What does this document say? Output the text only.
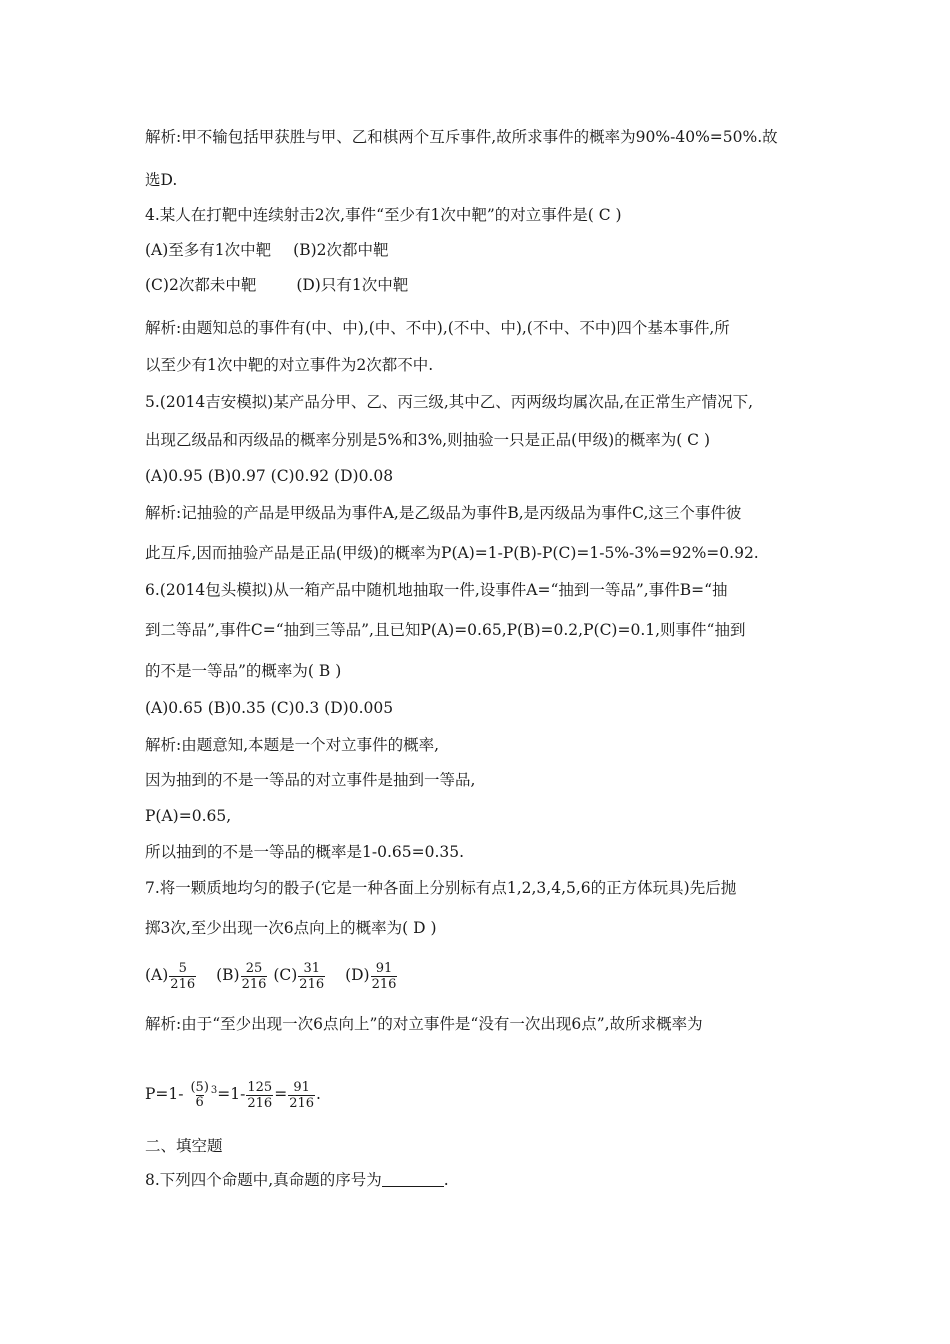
解析:甲不输包括甲获胜与甲、乙和棋两个互斥事件,故所求事件的概率为90%-40%=50%.故
选D.
4.某人在打靶中连续射击2次,事件“至少有1次中靶”的对立事件是( C )
(A)至多有1次中靶 (B)2次都中靶
(C)2次都未中靶	(D)只有1次中靶
解析:由题知总的事件有(中、中),(中、不中),(不中、中),(不中、不中)四个基本事件,所
以至少有1次中靶的对立事件为2次都不中.
5.(2014吉安模拟)某产品分甲、乙、丙三级,其中乙、丙两级均属次品,在正常生产情况下,
出现乙级品和丙级品的概率分别是5%和3%,则抽验一只是正品(甲级)的概率为( C )
(A)0.95 (B)0.97 (C)0.92 (D)0.08
解析:记抽验的产品是甲级品为事件A,是乙级品为事件B,是丙级品为事件C,这三个事件彼
此互斥,因而抽验产品是正品(甲级)的概率为P(A)=1-P(B)-P(C)=1-5%-3%=92%=0.92.
6.(2014包头模拟)从一箱产品中随机地抽取一件,设事件A=“抽到一等品”,事件B=“抽
到二等品”,事件C=“抽到三等品”,且已知P(A)=0.65,P(B)=0.2,P(C)=0.1,则事件“抽到
的不是一等品”的概率为( B )
(A)0.65 (B)0.35 (C)0.3 (D)0.005
解析:由题意知,本题是一个对立事件的概率,
因为抽到的不是一等品的对立事件是抽到一等品,
P(A)=0.65,
所以抽到的不是一等品的概率是1-0.65=0.35.
7.将一颗质地均匀的骰子(它是一种各面上分别标有点1,2,3,4,5,6的正方体玩具)先后抛
掷3次,至少出现一次6点向上的概率为( D )
$(A) \frac{5}{216} (B) \frac{25}{216} (C) \frac{31}{216} (D) \frac{91}{216}$
解析:由于“至少出现一次6点向上”的对立事件是“没有一次出现6点”,故所求概率为
P=1- (5)
6
$^3=1- \frac{125}{216} = \frac{91}{216}$ .
二、填空题
8.下列四个命题中,真命题的序号为	.
